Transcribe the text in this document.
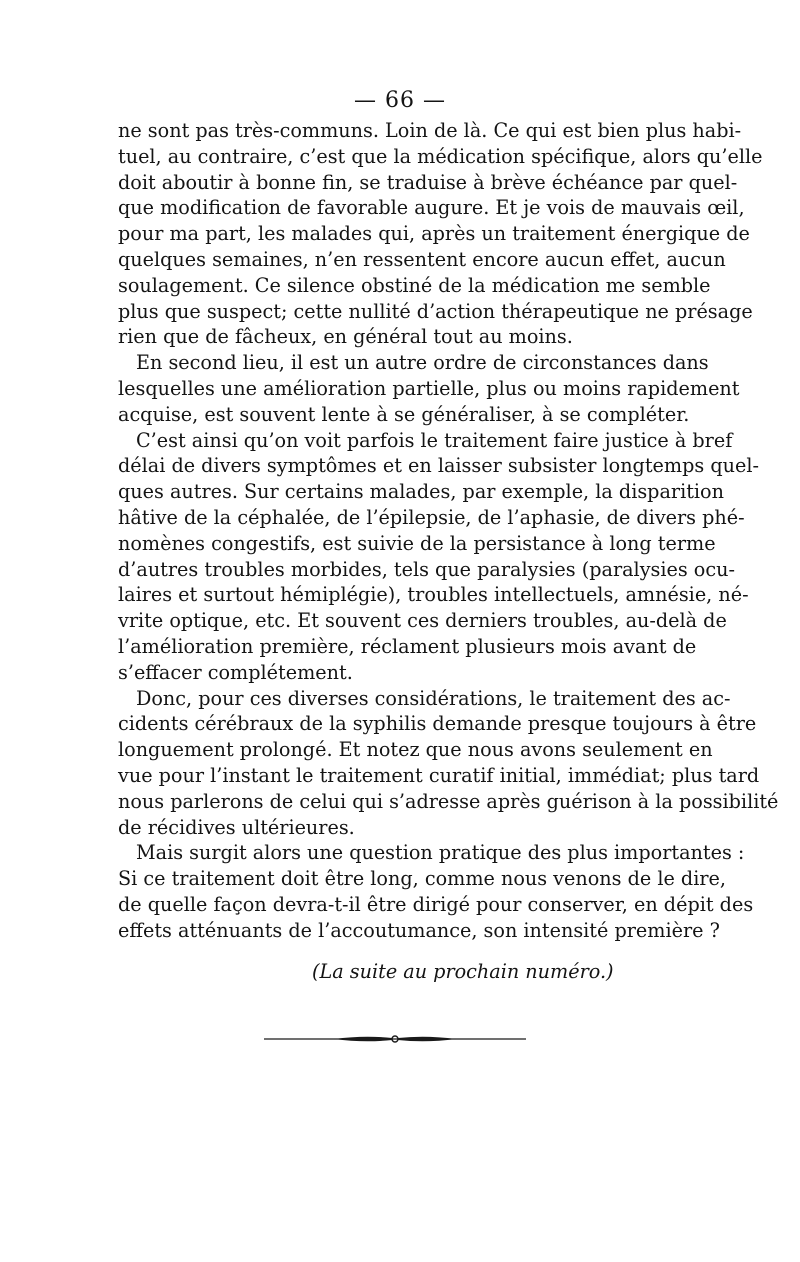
— 66 —
ne sont pas très-communs. Loin de là. Ce qui est bien plus habi-
tuel, au contraire, c’est que la médication spécifique, alors qu’elle
doit aboutir à bonne fin, se traduise à brève échéance par quel-
que modification de favorable augure. Et je vois de mauvais œil,
pour ma part, les malades qui, après un traitement énergique de
quelques semaines, n’en ressentent encore aucun effet, aucun
soulagement. Ce silence obstiné de la médication me semble
plus que suspect; cette nullité d’action thérapeutique ne présage
rien que de fâcheux, en général tout au moins.
En second lieu, il est un autre ordre de circonstances dans
lesquelles une amélioration partielle, plus ou moins rapidement
acquise, est souvent lente à se généraliser, à se compléter.
C’est ainsi qu’on voit parfois le traitement faire justice à bref
délai de divers symptômes et en laisser subsister longtemps quel-
ques autres. Sur certains malades, par exemple, la disparition
hâtive de la céphalée, de l’épilepsie, de l’aphasie, de divers phé-
nomènes congestifs, est suivie de la persistance à long terme
d’autres troubles morbides, tels que paralysies (paralysies ocu-
laires et surtout hémiplégie), troubles intellectuels, amnésie, né-
vrite optique, etc. Et souvent ces derniers troubles, au-delà de
l’amélioration première, réclament plusieurs mois avant de
s’effacer complétement.
Donc, pour ces diverses considérations, le traitement des ac-
cidents cérébraux de la syphilis demande presque toujours à être
longuement prolongé. Et notez que nous avons seulement en
vue pour l’instant le traitement curatif initial, immédiat; plus tard
nous parlerons de celui qui s’adresse après guérison à la possibilité
de récidives ultérieures.
Mais surgit alors une question pratique des plus importantes :
Si ce traitement doit être long, comme nous venons de le dire,
de quelle façon devra-t-il être dirigé pour conserver, en dépit des
effets atténuants de l’accoutumance, son intensité première ?
(La suite au prochain numéro.)
